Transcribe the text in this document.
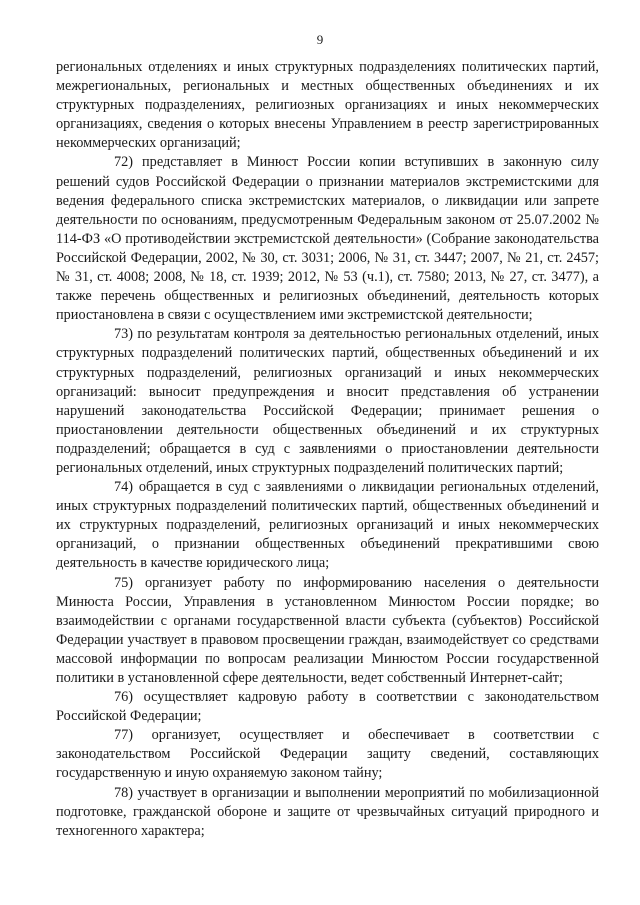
9

региональных отделениях и иных структурных подразделениях политических партий, межрегиональных, региональных и местных общественных объединениях и их структурных подразделениях, религиозных организациях и иных некоммерческих организациях, сведения о которых внесены Управлением в реестр зарегистрированных некоммерческих организаций;

72) представляет в Минюст России копии вступивших в законную силу решений судов Российской Федерации о признании материалов экстремистскими для ведения федерального списка экстремистских материалов, о ликвидации или запрете деятельности по основаниям, предусмотренным Федеральным законом от 25.07.2002 № 114-ФЗ «О противодействии экстремистской деятельности» (Собрание законодательства Российской Федерации, 2002, № 30, ст. 3031; 2006, № 31, ст. 3447; 2007, № 21, ст. 2457; № 31, ст. 4008; 2008, № 18, ст. 1939; 2012, № 53 (ч.1), ст. 7580; 2013, № 27, ст. 3477), а также перечень общественных и религиозных объединений, деятельность которых приостановлена в связи с осуществлением ими экстремистской деятельности;

73) по результатам контроля за деятельностью региональных отделений, иных структурных подразделений политических партий, общественных объединений и их структурных подразделений, религиозных организаций и иных некоммерческих организаций: выносит предупреждения и вносит представления об устранении нарушений законодательства Российской Федерации; принимает решения о приостановлении деятельности общественных объединений и их структурных подразделений; обращается в суд с заявлениями о приостановлении деятельности региональных отделений, иных структурных подразделений политических партий;

74) обращается в суд с заявлениями о ликвидации региональных отделений, иных структурных подразделений политических партий, общественных объединений и их структурных подразделений, религиозных организаций и иных некоммерческих организаций, о признании общественных объединений прекратившими свою деятельность в качестве юридического лица;

75) организует работу по информированию населения о деятельности Минюста России, Управления в установленном Минюстом России порядке; во взаимодействии с органами государственной власти субъекта (субъектов) Российской Федерации участвует в правовом просвещении граждан, взаимодействует со средствами массовой информации по вопросам реализации Минюстом России государственной политики в установленной сфере деятельности, ведет собственный Интернет-сайт;

76) осуществляет кадровую работу в соответствии с законодательством Российской Федерации;

77) организует, осуществляет и обеспечивает в соответствии с законодательством Российской Федерации защиту сведений, составляющих государственную и иную охраняемую законом тайну;

78) участвует в организации и выполнении мероприятий по мобилизационной подготовке, гражданской обороне и защите от чрезвычайных ситуаций природного и техногенного характера;
